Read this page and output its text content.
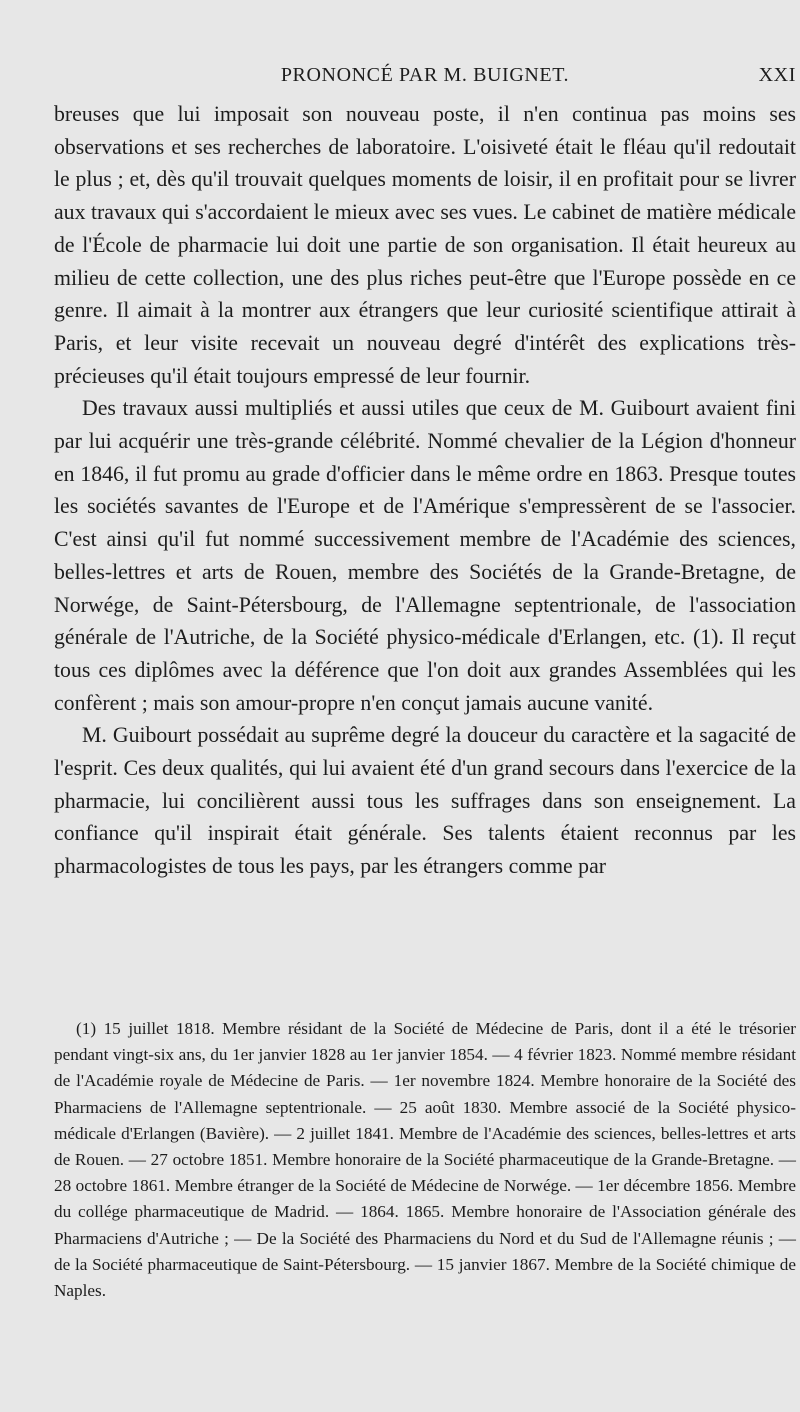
PRONONCÉ PAR M. BUIGNET.	XXI

breuses que lui imposait son nouveau poste, il n'en continua pas moins ses observations et ses recherches de laboratoire. L'oisiveté était le fléau qu'il redoutait le plus ; et, dès qu'il trouvait quelques moments de loisir, il en profitait pour se livrer aux travaux qui s'accordaient le mieux avec ses vues. Le cabinet de matière médicale de l'École de pharmacie lui doit une partie de son organisation. Il était heureux au milieu de cette collection, une des plus riches peut-être que l'Europe possède en ce genre. Il aimait à la montrer aux étrangers que leur curiosité scientifique attirait à Paris, et leur visite recevait un nouveau degré d'intérêt des explications très-précieuses qu'il était toujours empressé de leur fournir.

Des travaux aussi multipliés et aussi utiles que ceux de M. Guibourt avaient fini par lui acquérir une très-grande célébrité. Nommé chevalier de la Légion d'honneur en 1846, il fut promu au grade d'officier dans le même ordre en 1863. Presque toutes les sociétés savantes de l'Europe et de l'Amérique s'empressèrent de se l'associer. C'est ainsi qu'il fut nommé successivement membre de l'Académie des sciences, belles-lettres et arts de Rouen, membre des Sociétés de la Grande-Bretagne, de Norwége, de Saint-Pétersbourg, de l'Allemagne septentrionale, de l'association générale de l'Autriche, de la Société physico-médicale d'Erlangen, etc. (1). Il reçut tous ces diplômes avec la déférence que l'on doit aux grandes Assemblées qui les confèrent ; mais son amour-propre n'en conçut jamais aucune vanité.

M. Guibourt possédait au suprême degré la douceur du caractère et la sagacité de l'esprit. Ces deux qualités, qui lui avaient été d'un grand secours dans l'exercice de la pharmacie, lui concilièrent aussi tous les suffrages dans son enseignement. La confiance qu'il inspirait était générale. Ses talents étaient reconnus par les pharmacologistes de tous les pays, par les étrangers comme par

(1) 15 juillet 1818. Membre résidant de la Société de Médecine de Paris, dont il a été le trésorier pendant vingt-six ans, du 1er janvier 1828 au 1er janvier 1854. — 4 février 1823. Nommé membre résidant de l'Académie royale de Médecine de Paris. — 1er novembre 1824. Membre honoraire de la Société des Pharmaciens de l'Allemagne septentrionale. — 25 août 1830. Membre associé de la Société physico-médicale d'Erlangen (Bavière). — 2 juillet 1841. Membre de l'Académie des sciences, belles-lettres et arts de Rouen. — 27 octobre 1851. Membre honoraire de la Société pharmaceutique de la Grande-Bretagne. — 28 octobre 1861. Membre étranger de la Société de Médecine de Norwége. — 1er décembre 1856. Membre du collége pharmaceutique de Madrid. — 1864. 1865. Membre honoraire de l'Association générale des Pharmaciens d'Autriche ; — De la Société des Pharmaciens du Nord et du Sud de l'Allemagne réunis ; — de la Société pharmaceutique de Saint-Pétersbourg. — 15 janvier 1867. Membre de la Société chimique de Naples.
